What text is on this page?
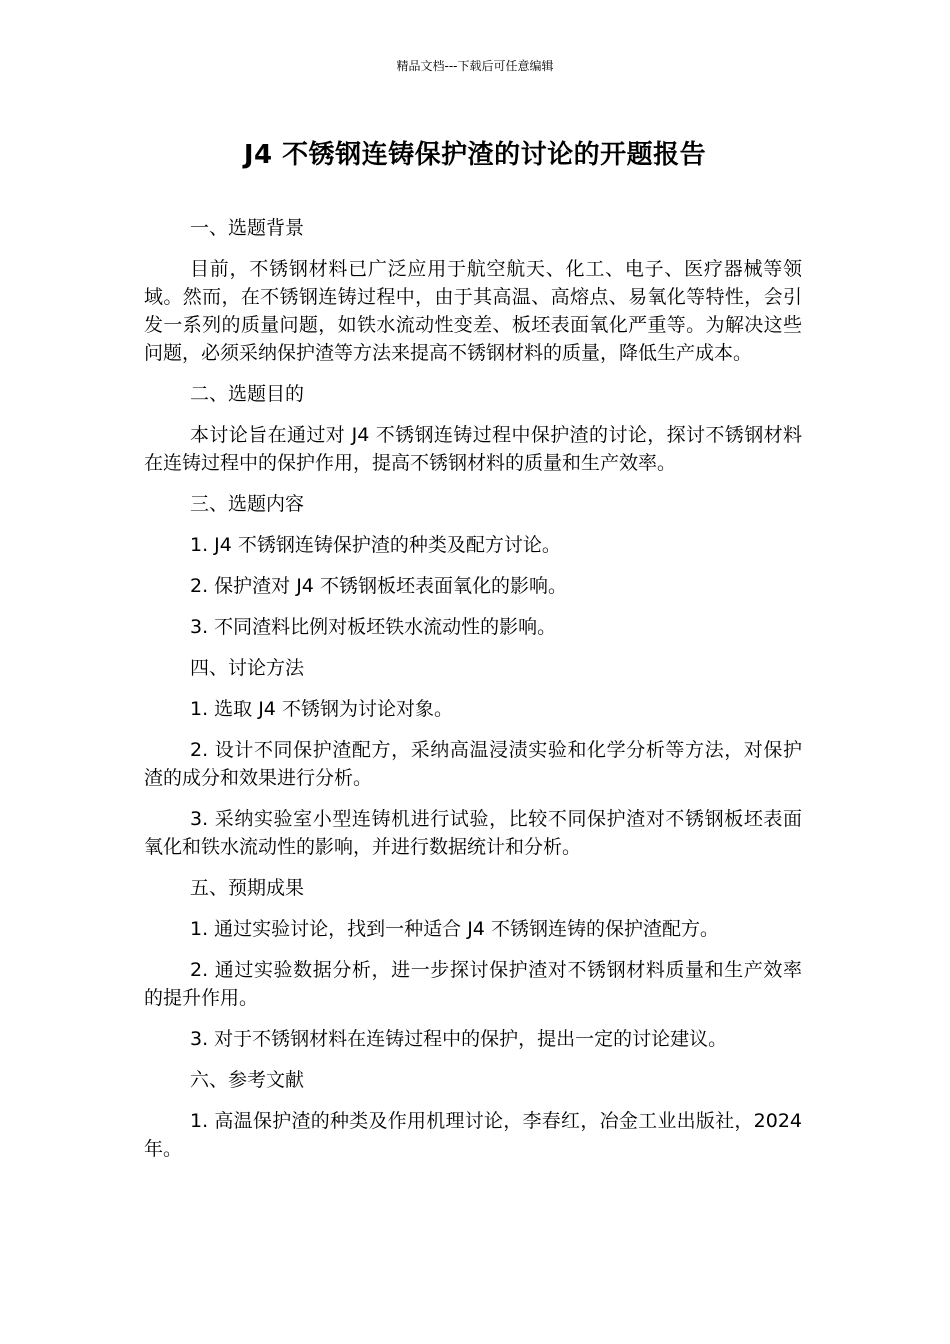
精品文档---下载后可任意编辑
J4 不锈钢连铸保护渣的讨论的开题报告
一、选题背景
目前，不锈钢材料已广泛应用于航空航天、化工、电子、医疗器械等领域。然而，在不锈钢连铸过程中，由于其高温、高熔点、易氧化等特性，会引发一系列的质量问题，如铁水流动性变差、板坯表面氧化严重等。为解决这些问题，必须采纳保护渣等方法来提高不锈钢材料的质量，降低生产成本。
二、选题目的
本讨论旨在通过对 J4 不锈钢连铸过程中保护渣的讨论，探讨不锈钢材料在连铸过程中的保护作用，提高不锈钢材料的质量和生产效率。
三、选题内容
1. J4 不锈钢连铸保护渣的种类及配方讨论。
2. 保护渣对 J4 不锈钢板坯表面氧化的影响。
3. 不同渣料比例对板坯铁水流动性的影响。
四、讨论方法
1. 选取 J4 不锈钢为讨论对象。
2. 设计不同保护渣配方，采纳高温浸渍实验和化学分析等方法，对保护渣的成分和效果进行分析。
3. 采纳实验室小型连铸机进行试验，比较不同保护渣对不锈钢板坯表面氧化和铁水流动性的影响，并进行数据统计和分析。
五、预期成果
1. 通过实验讨论，找到一种适合 J4 不锈钢连铸的保护渣配方。
2. 通过实验数据分析，进一步探讨保护渣对不锈钢材料质量和生产效率的提升作用。
3. 对于不锈钢材料在连铸过程中的保护，提出一定的讨论建议。
六、参考文献
1. 高温保护渣的种类及作用机理讨论，李春红，冶金工业出版社，2024 年。
